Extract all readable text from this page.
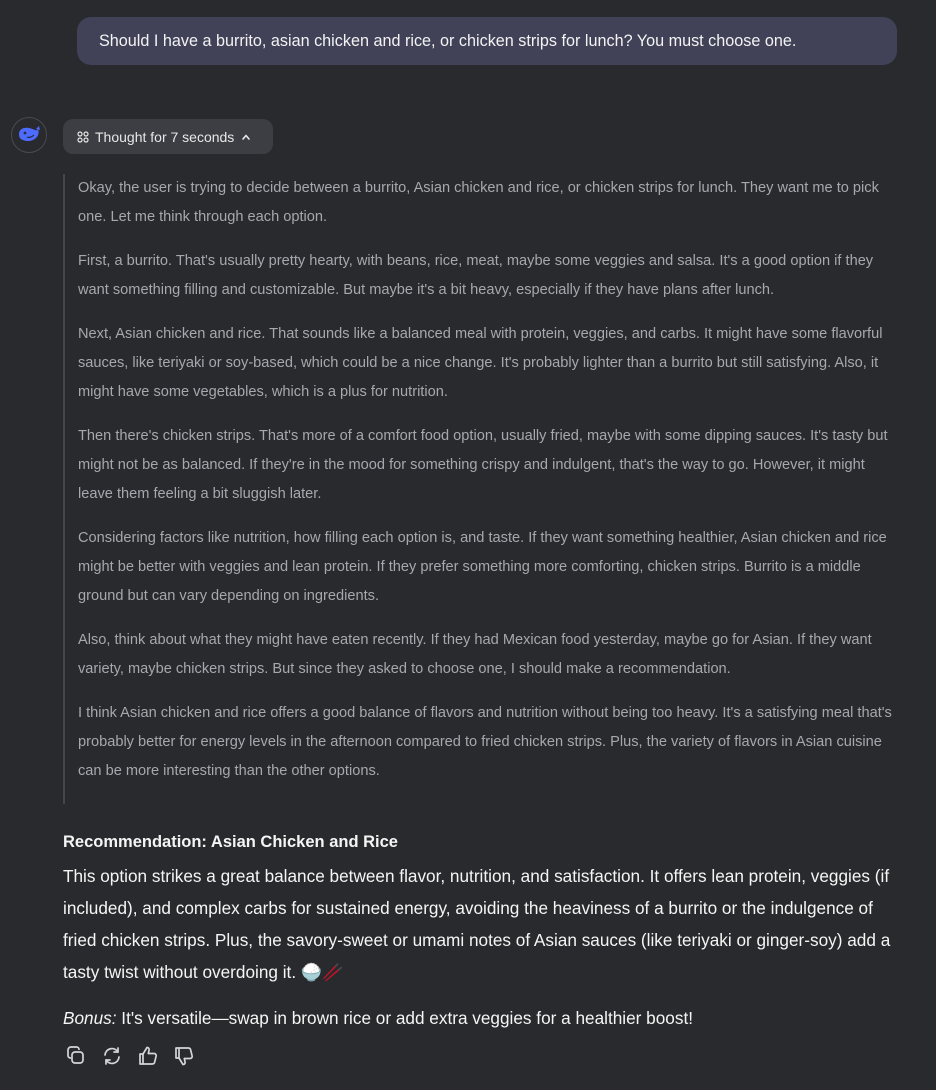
Should I have a burrito, asian chicken and rice, or chicken strips for lunch? You must choose one.
Thought for 7 seconds

Okay, the user is trying to decide between a burrito, Asian chicken and rice, or chicken strips for lunch. They want me to pick one. Let me think through each option.

First, a burrito. That's usually pretty hearty, with beans, rice, meat, maybe some veggies and salsa. It's a good option if they want something filling and customizable. But maybe it's a bit heavy, especially if they have plans after lunch.

Next, Asian chicken and rice. That sounds like a balanced meal with protein, veggies, and carbs. It might have some flavorful sauces, like teriyaki or soy-based, which could be a nice change. It's probably lighter than a burrito but still satisfying. Also, it might have some vegetables, which is a plus for nutrition.

Then there's chicken strips. That's more of a comfort food option, usually fried, maybe with some dipping sauces. It's tasty but might not be as balanced. If they're in the mood for something crispy and indulgent, that's the way to go. However, it might leave them feeling a bit sluggish later.

Considering factors like nutrition, how filling each option is, and taste. If they want something healthier, Asian chicken and rice might be better with veggies and lean protein. If they prefer something more comforting, chicken strips. Burrito is a middle ground but can vary depending on ingredients.

Also, think about what they might have eaten recently. If they had Mexican food yesterday, maybe go for Asian. If they want variety, maybe chicken strips. But since they asked to choose one, I should make a recommendation.

I think Asian chicken and rice offers a good balance of flavors and nutrition without being too heavy. It's a satisfying meal that's probably better for energy levels in the afternoon compared to fried chicken strips. Plus, the variety of flavors in Asian cuisine can be more interesting than the other options.

Recommendation: Asian Chicken and Rice
This option strikes a great balance between flavor, nutrition, and satisfaction. It offers lean protein, veggies (if included), and complex carbs for sustained energy, avoiding the heaviness of a burrito or the indulgence of fried chicken strips. Plus, the savory-sweet or umami notes of Asian sauces (like teriyaki or ginger-soy) add a tasty twist without overdoing it. 🍚🥢
Bonus: It's versatile—swap in brown rice or add extra veggies for a healthier boost!
